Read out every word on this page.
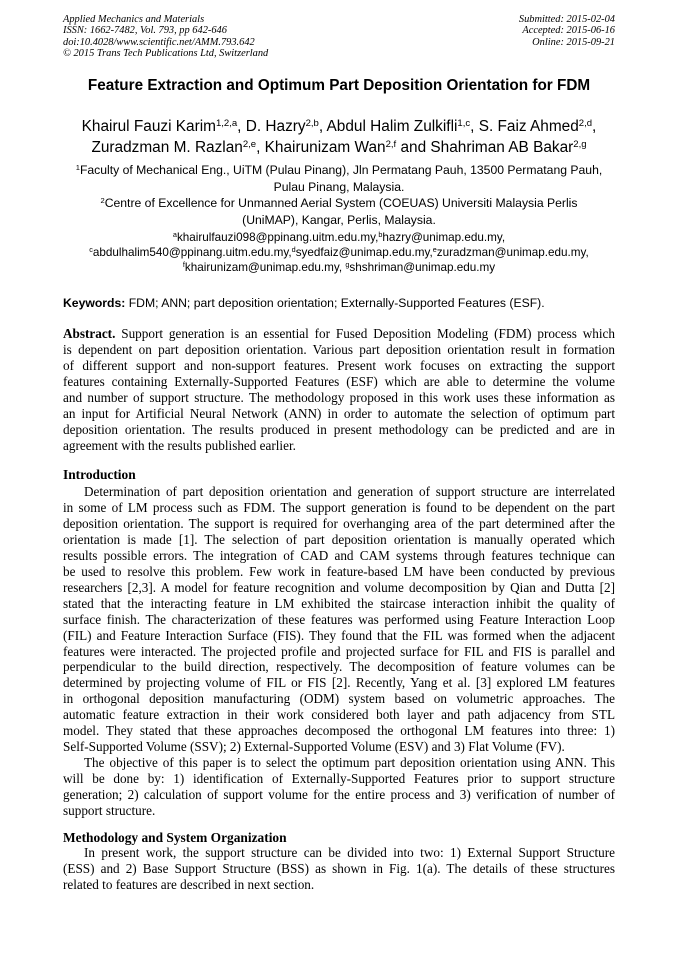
Applied Mechanics and Materials
ISSN: 1662-7482, Vol. 793, pp 642-646
doi:10.4028/www.scientific.net/AMM.793.642
© 2015 Trans Tech Publications Ltd, Switzerland
Submitted: 2015-02-04
Accepted: 2015-06-16
Online: 2015-09-21
Feature Extraction and Optimum Part Deposition Orientation for FDM
Khairul Fauzi Karim$^{1,2,a}$, D. Hazry$^{2,b}$, Abdul Halim Zulkifli$^{1,c}$, S. Faiz Ahmed$^{2,d}$,
Zuradzman M. Razlan$^{2,e}$, Khairunizam Wan$^{2,f}$ and Shahriman AB Bakar$^{2,g}$
$^1$Faculty of Mechanical Eng., UiTM (Pulau Pinang), Jln Permatang Pauh, 13500 Permatang Pauh,
Pulau Pinang, Malaysia.
$^2$Centre of Excellence for Unmanned Aerial System (COEUAS) Universiti Malaysia Perlis
(UniMAP), Kangar, Perlis, Malaysia.
$^a$khairulfauzi098@ppinang.uitm.edu.my,$^b$hazry@unimap.edu.my,
$^c$abdulhalim540@ppinang.uitm.edu.my,$^d$syedfaiz@unimap.edu.my,$^e$zuradzman@unimap.edu.my,
$^f$khairunizam@unimap.edu.my, $^g$shshriman@unimap.edu.my
Keywords: FDM; ANN; part deposition orientation; Externally-Supported Features (ESF).
Abstract. Support generation is an essential for Fused Deposition Modeling (FDM) process which
is dependent on part deposition orientation. Various part deposition orientation result in formation
of different support and non-support features. Present work focuses on extracting the support
features containing Externally-Supported Features (ESF) which are able to determine the volume
and number of support structure. The methodology proposed in this work uses these information as
an input for Artificial Neural Network (ANN) in order to automate the selection of optimum part
deposition orientation. The results produced in present methodology can be predicted and are in
agreement with the results published earlier.
Introduction
Determination of part deposition orientation and generation of support structure are interrelated
in some of LM process such as FDM. The support generation is found to be dependent on the part
deposition orientation. The support is required for overhanging area of the part determined after the
orientation is made [1]. The selection of part deposition orientation is manually operated which
results possible errors. The integration of CAD and CAM systems through features technique can
be used to resolve this problem. Few work in feature-based LM have been conducted by previous
researchers [2,3]. A model for feature recognition and volume decomposition by Qian and Dutta [2]
stated that the interacting feature in LM exhibited the staircase interaction inhibit the quality of
surface finish. The characterization of these features was performed using Feature Interaction Loop
(FIL) and Feature Interaction Surface (FIS). They found that the FIL was formed when the adjacent
features were interacted. The projected profile and projected surface for FIL and FIS is parallel and
perpendicular to the build direction, respectively. The decomposition of feature volumes can be
determined by projecting volume of FIL or FIS [2]. Recently, Yang et al. [3] explored LM features
in orthogonal deposition manufacturing (ODM) system based on volumetric approaches. The
automatic feature extraction in their work considered both layer and path adjacency from STL
model. They stated that these approaches decomposed the orthogonal LM features into three: 1)
Self-Supported Volume (SSV); 2) External-Supported Volume (ESV) and 3) Flat Volume (FV).
The objective of this paper is to select the optimum part deposition orientation using ANN. This
will be done by: 1) identification of Externally-Supported Features prior to support structure
generation; 2) calculation of support volume for the entire process and 3) verification of number of
support structure.
Methodology and System Organization
In present work, the support structure can be divided into two: 1) External Support Structure
(ESS) and 2) Base Support Structure (BSS) as shown in Fig. 1(a). The details of these structures
related to features are described in next section.
